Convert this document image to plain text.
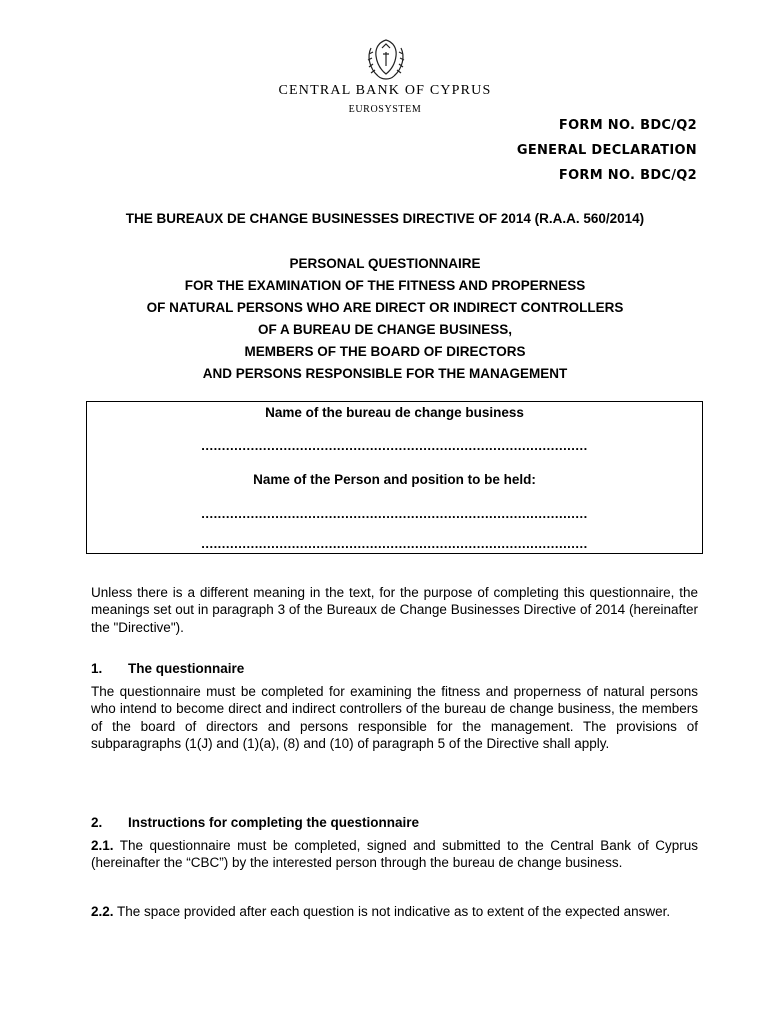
CENTRAL BANK OF CYPRUS
EUROSYSTEM
FORM NO. BDC/Q2
GENERAL DECLARATION
FORM NO. BDC/Q2
THE BUREAUX DE CHANGE BUSINESSES DIRECTIVE OF 2014 (R.A.A. 560/2014)
PERSONAL QUESTIONNAIRE
FOR THE EXAMINATION OF THE FITNESS AND PROPERNESS
OF NATURAL PERSONS WHO ARE DIRECT OR INDIRECT CONTROLLERS
OF A BUREAU DE CHANGE BUSINESS,
MEMBERS OF THE BOARD OF DIRECTORS
AND PERSONS RESPONSIBLE FOR THE MANAGEMENT
Name of the bureau de change business
..............................................................................................
Name of the Person and position to be held:
..............................................................................................
..............................................................................................
Unless there is a different meaning in the text, for the purpose of completing this questionnaire, the meanings set out in paragraph 3 of the Bureaux de Change Businesses Directive of 2014 (hereinafter the "Directive").
1. The questionnaire
The questionnaire must be completed for examining the fitness and properness of natural persons who intend to become direct and indirect controllers of the bureau de change business, the members of the board of directors and persons responsible for the management. The provisions of subparagraphs (1(J) and (1)(a), (8) and (10) of paragraph 5 of the Directive shall apply.
2. Instructions for completing the questionnaire
2.1. The questionnaire must be completed, signed and submitted to the Central Bank of Cyprus (hereinafter the “CBC”) by the interested person through the bureau de change business.
2.2. The space provided after each question is not indicative as to extent of the expected answer.
